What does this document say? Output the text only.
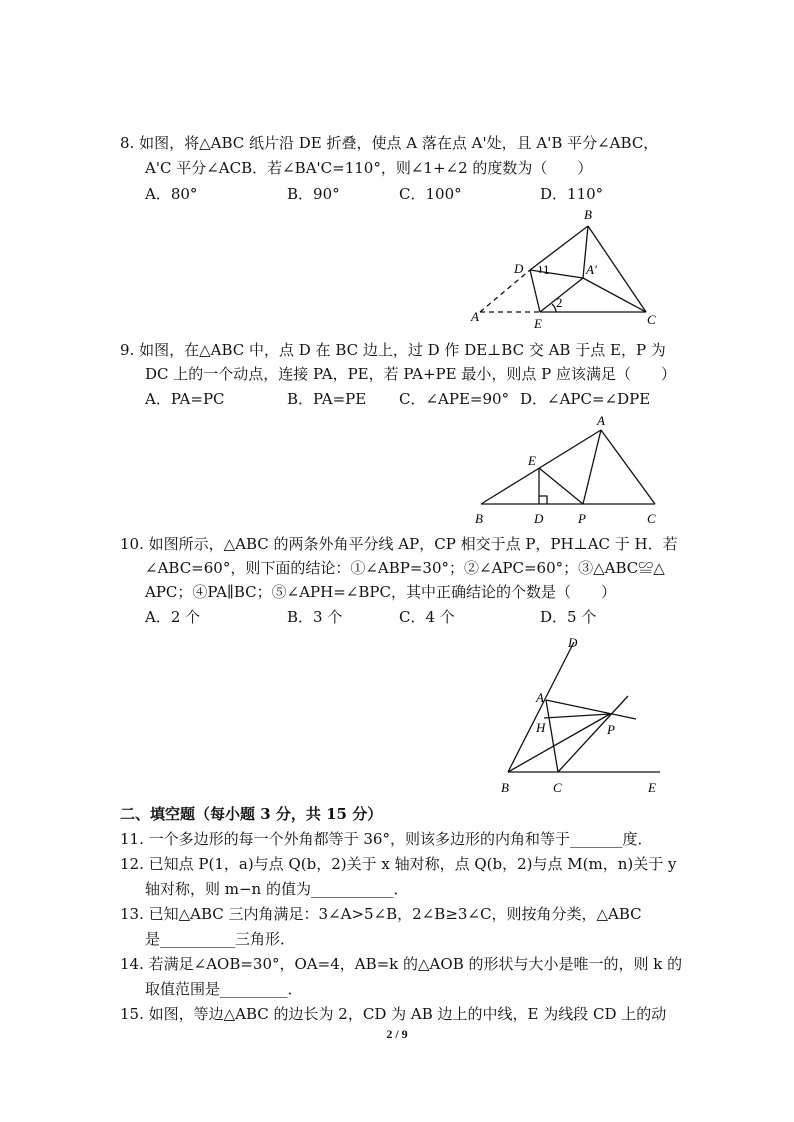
8. 如图，将△ABC 纸片沿 DE 折叠，使点 A 落在点 A'处，且 A'B 平分∠ABC，
A'C 平分∠ACB．若∠BA'C=110°，则∠1+∠2 的度数为（　　）
A．80°	B．90°	C．100°	D．110°
B
D 1	A'
2
A	E	C
9. 如图，在△ABC 中，点 D 在 BC 边上，过 D 作 DE⊥BC 交 AB 于点 E，P 为
DC 上的一个动点，连接 PA，PE，若 PA+PE 最小，则点 P 应该满足（　　）
A．PA=PC	B．PA=PE C．∠APE=90° D．∠APC=∠DPE
A
E
B	D	P	C
10. 如图所示，△ABC 的两条外角平分线 AP，CP 相交于点 P，PH⊥AC 于 H．若
∠ABC=60°，则下面的结论：①∠ABP=30°；②∠APC=60°；③△ABC≌△
APC；④PA∥BC；⑤∠APH=∠BPC，其中正确结论的个数是（　　）
A．2 个	B．3 个	C．4 个	D．5 个
D
A
H	P
B	C	E
二、填空题（每小题 3 分，共 15 分）
11. 一个多边形的每一个外角都等于 36°，则该多边形的内角和等于_______度．
12. 已知点 P(1，a)与点 Q(b，2)关于 x 轴对称，点 Q(b，2)与点 M(m，n)关于 y
轴对称，则 m−n 的值为___________．
13. 已知△ABC 三内角满足：3∠A>5∠B，2∠B≥3∠C，则按角分类，△ABC
是__________三角形．
14. 若满足∠AOB=30°，OA=4，AB=k 的△AOB 的形状与大小是唯一的，则 k 的
取值范围是_________．
15. 如图，等边△ABC 的边长为 2，CD 为 AB 边上的中线，E 为线段 CD 上的动
2 / 9
